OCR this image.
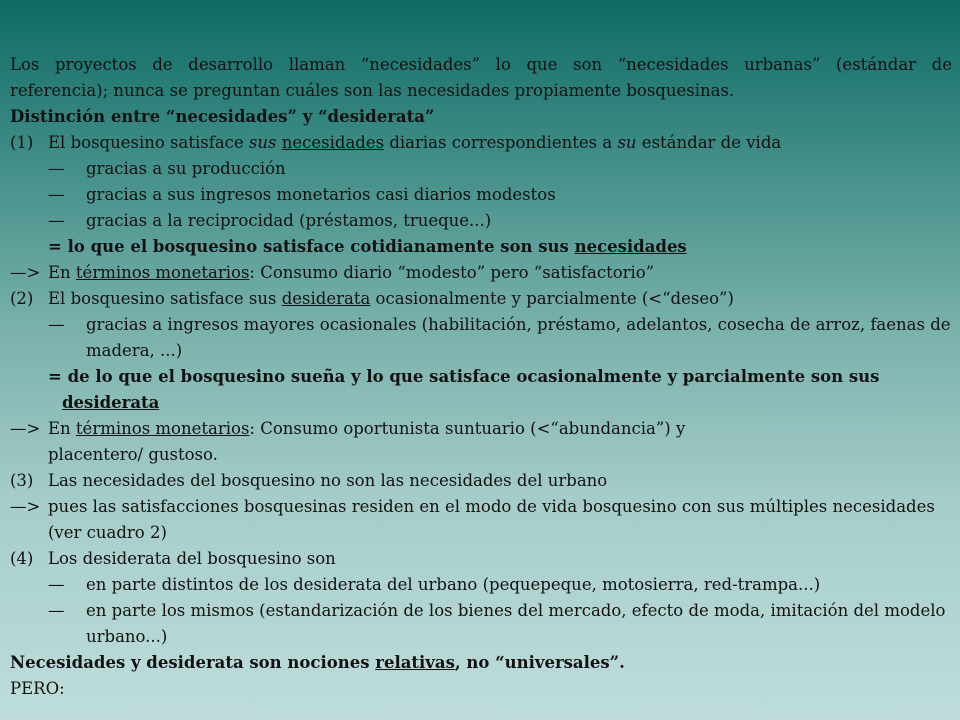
Los proyectos de desarrollo llaman “necesidades” lo que son “necesidades urbanas” (estándar de
referencia); nunca se preguntan cuáles son las necesidades propiamente bosquesinas.
Distinción entre “necesidades” y “desiderata”
(1) El bosquesino satisface sus necesidades diarias correspondientes a su estándar de vida
— gracias a su producción
— gracias a sus ingresos monetarios casi diarios modestos
— gracias a la reciprocidad (préstamos, trueque...)
= lo que el bosquesino satisface cotidianamente son sus necesidades
—> En términos monetarios: Consumo diario “modesto” pero “satisfactorio”
(2) El bosquesino satisface sus desiderata ocasionalmente y parcialmente (<“deseo”)
— gracias a ingresos mayores ocasionales (habilitación, préstamo, adelantos, cosecha de arroz, faenas de madera, ...)
= de lo que el bosquesino sueña y lo que satisface ocasionalmente y parcialmente son sus
desiderata
—> En términos monetarios: Consumo oportunista suntuario (<“abundancia”) y
placentero/ gustoso.
(3) Las necesidades del bosquesino no son las necesidades del urbano
—> pues las satisfacciones bosquesinas residen en el modo de vida bosquesino con sus múltiples necesidades (ver cuadro 2)
(4) Los desiderata del bosquesino son
— en parte distintos de los desiderata del urbano (pequepeque, motosierra, red-trampa...)
— en parte los mismos (estandarización de los bienes del mercado, efecto de moda, imitación del modelo urbano...)
Necesidades y desiderata son nociones relativas, no “universales”.
PERO:
